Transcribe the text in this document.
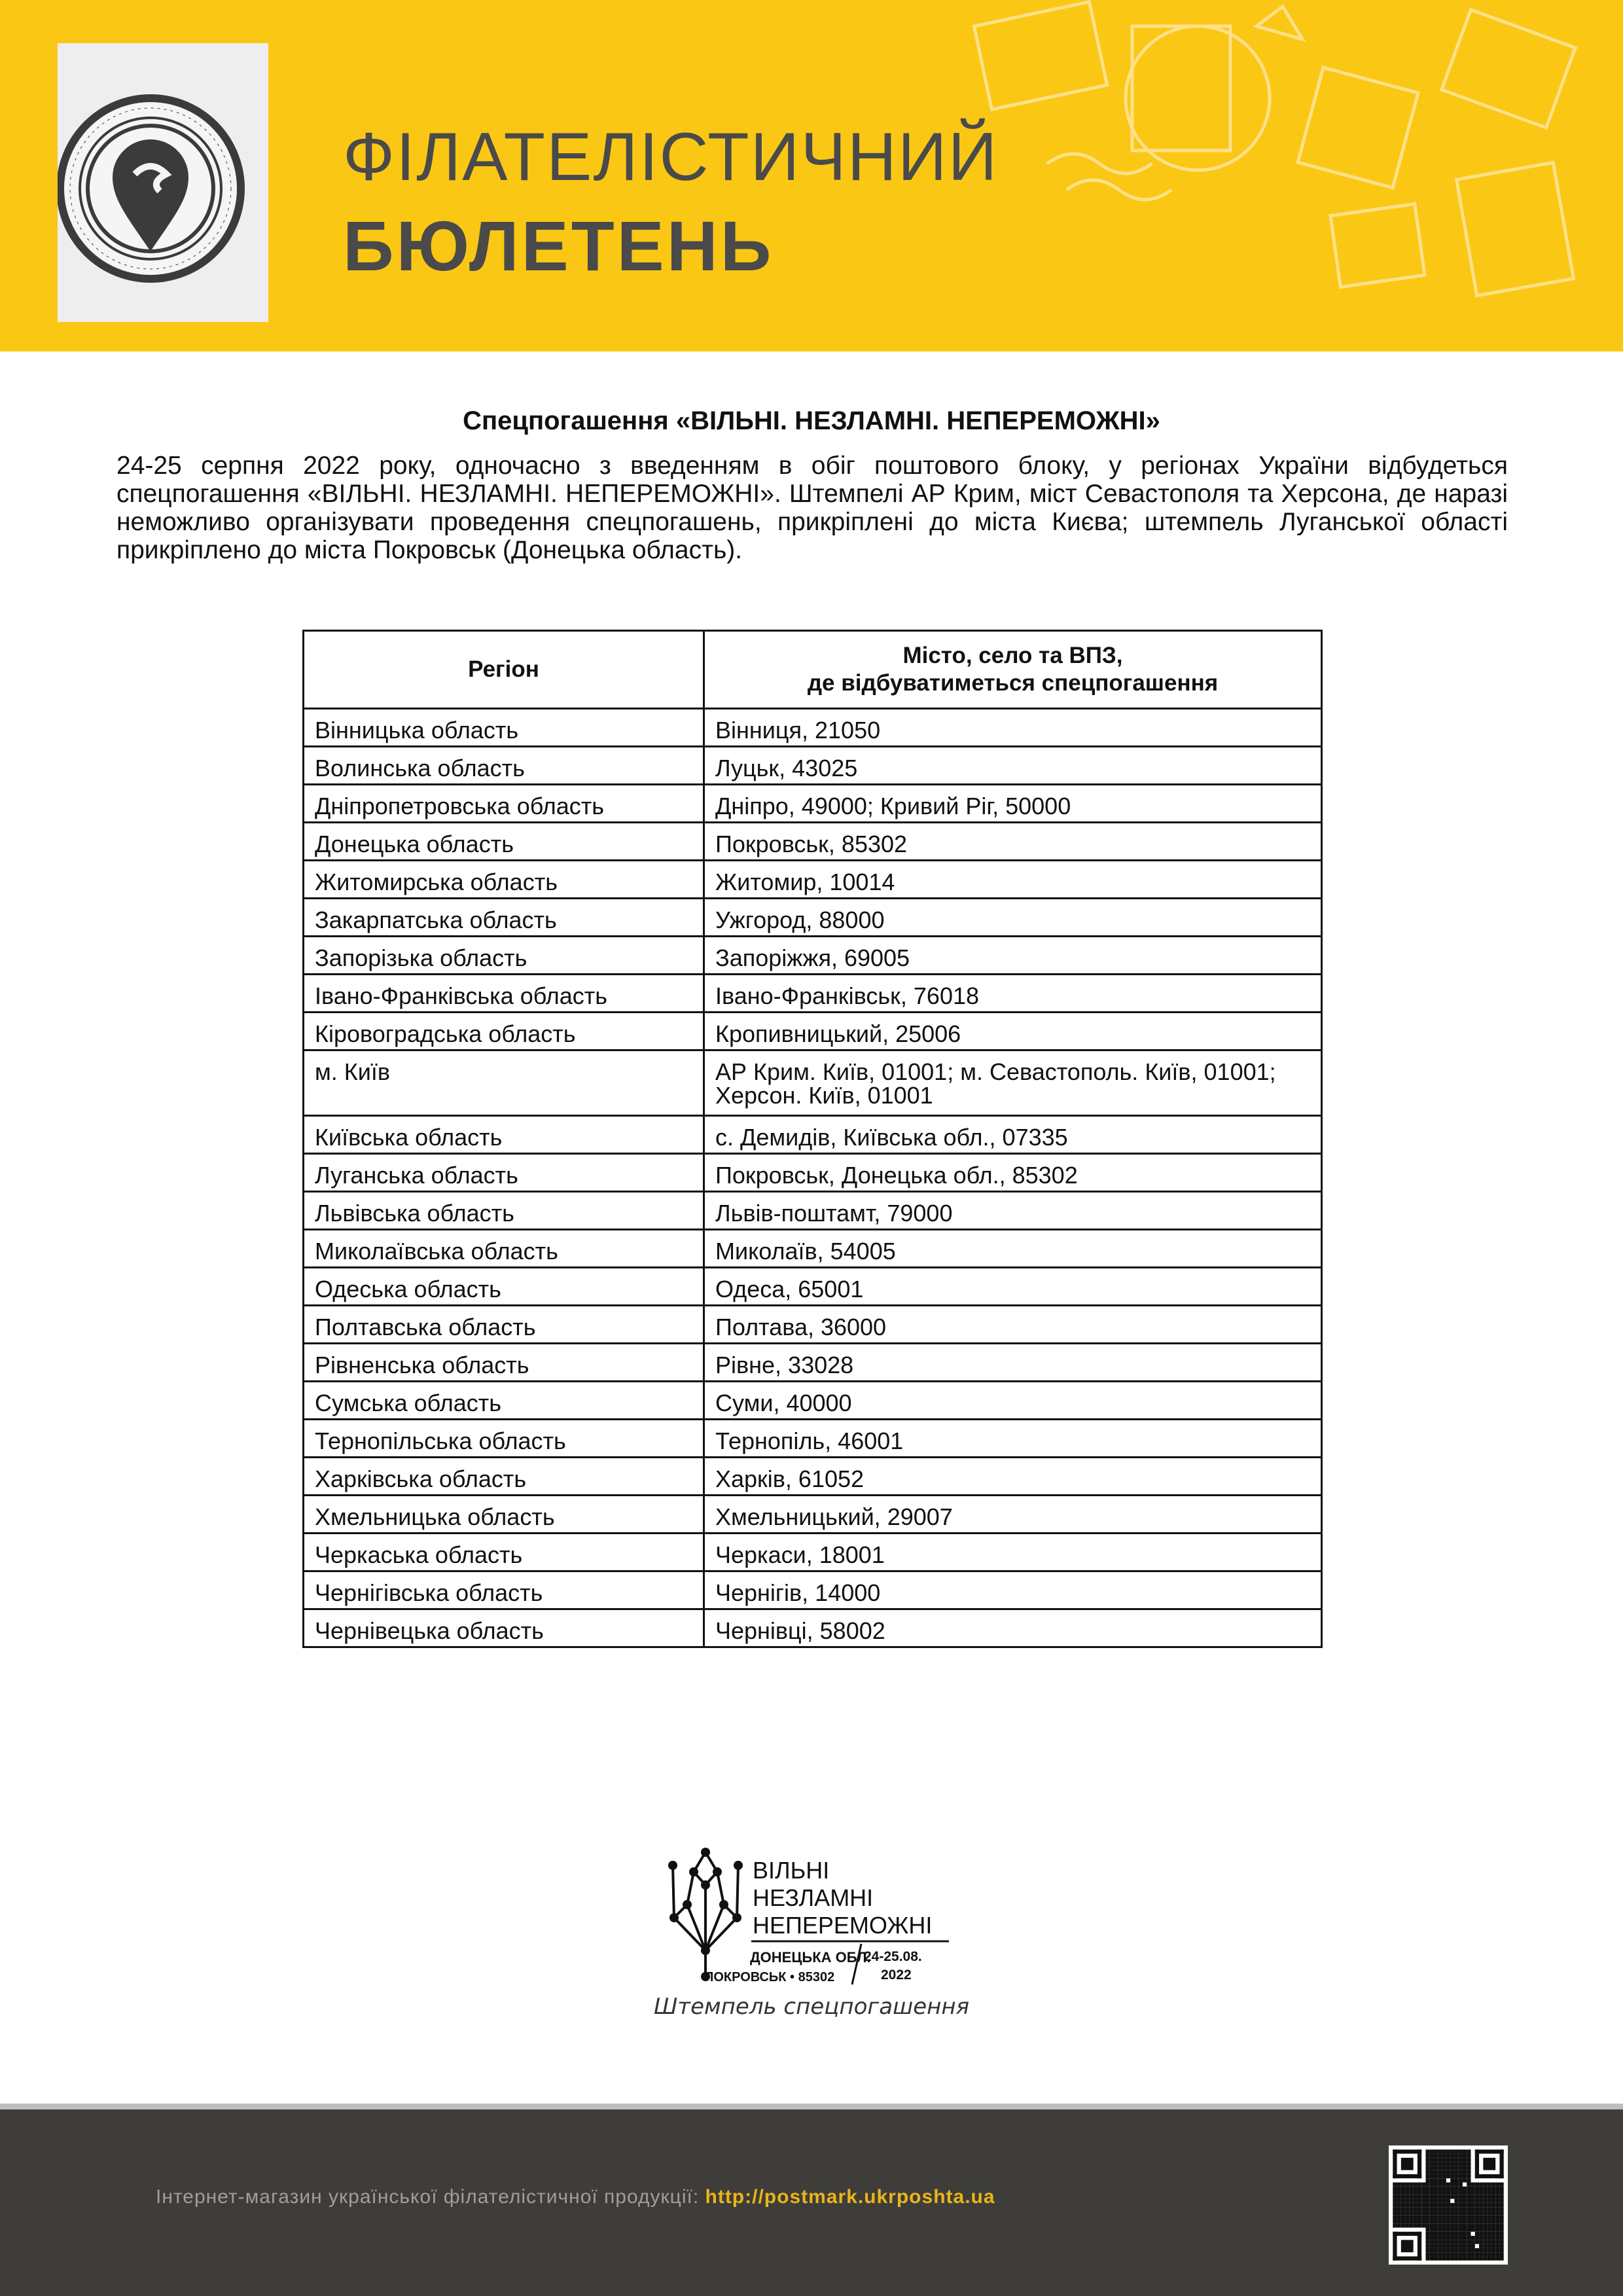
ФІЛАТЕЛІСТИЧНИЙ
БЮЛЕТЕНЬ
Спецпогашення «ВІЛЬНІ. НЕЗЛАМНІ. НЕПЕРЕМОЖНІ»
24-25 серпня 2022 року, одночасно з введенням в обіг поштового блоку, у регіонах України відбудеться спецпогашення «ВІЛЬНІ. НЕЗЛАМНІ. НЕПЕРЕМОЖНІ». Штемпелі АР Крим, міст Севастополя та Херсона, де наразі неможливо організувати проведення спецпогашень, прикріплені до міста Києва; штемпель Луганської області прикріплено до міста Покровськ (Донецька область).
Регіон	Місто, село та ВПЗ,
де відбуватиметься спецпогашення
Вінницька область	Вінниця, 21050

Волинська область	Луцьк, 43025

Дніпропетровська область	Дніпро, 49000; Кривий Ріг, 50000

Донецька область	Покровськ, 85302

Житомирська область	Житомир, 10014

Закарпатська область	Ужгород, 88000

Запорізька область	Запоріжжя, 69005

Івано-Франківська область	Івано-Франківськ, 76018

Кіровоградська область	Кропивницький, 25006

м. Київ	АР Крим. Київ, 01001; м. Севастополь. Київ, 01001;
Херсон. Київ, 01001

Київська область	с. Демидів, Київська обл., 07335

Луганська область	Покровськ, Донецька обл., 85302

Львівська область	Львів-поштамт, 79000

Миколаївська область	Миколаїв, 54005

Одеська область	Одеса, 65001

Полтавська область	Полтава, 36000

Рівненська область	Рівне, 33028

Сумська область	Суми, 40000

Тернопільська область	Тернопіль, 46001

Харківська область	Харків, 61052

Хмельницька область	Хмельницький, 29007

Черкаська область	Черкаси, 18001

Чернігівська область	Чернігів, 14000

Чернівецька область	Чернівці, 58002
ВІЛЬНІ
НЕЗЛАМНІ
НЕПЕРЕМОЖНІ
ДОНЕЦЬКА ОБЛ.
ПОКРОВСЬК • 85302
24-25.08.
2022
Штемпель спецпогашення
Інтернет-магазин української філателістичної продукції: http://postmark.ukrposhta.ua
